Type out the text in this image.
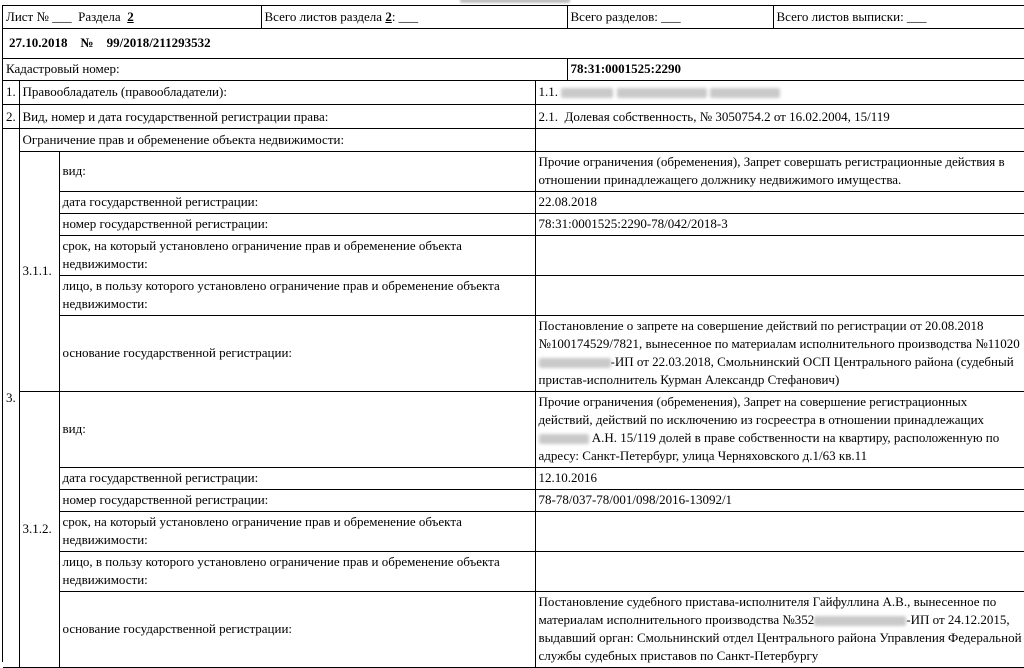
Лист № ___ Раздела 2	Всего листов раздела 2: ___	Всего разделов: ___	Всего листов выписки: ___
27.10.2018 № 99/2018/211293532
Кадастровый номер:	78:31:0001525:2290
1.	Правообладатель (правообладатели):	1.1.
2.	Вид, номер и дата государственной регистрации права:	2.1. Долевая собственность, № 3050754.2 от 16.02.2004, 15/119
3.	Ограничение прав и обременение объекта недвижимости:		
	3.1.1.	вид:	Прочие ограничения (обременения), Запрет совершать регистрационные действия в отношении принадлежащего должнику недвижимого имущества.
		дата государственной регистрации:	22.08.2018
		номер государственной регистрации:	78:31:0001525:2290-78/042/2018-3
		срок, на который установлено ограничение прав и обременение объекта недвижимости:	
		лицо, в пользу которого установлено ограничение прав и обременение объекта недвижимости:	
		основание государственной регистрации:	Постановление о запрете на совершение действий по регистрации от 20.08.2018 №100174529/7821, вынесенное по материалам исполнительного производства №11020-ИП от 22.03.2018, Смольнинский ОСП Центрального района (судебный пристав-исполнитель Курман Александр Стефанович)
	3.1.2.	вид:	Прочие ограничения (обременения), Запрет на совершение регистрационных действий, действий по исключению из госреестра в отношении принадлежащих  А.Н. 15/119 долей в праве собственности на квартиру, расположенную по адресу: Санкт-Петербург, улица Черняховского д.1/63 кв.11
		дата государственной регистрации:	12.10.2016
		номер государственной регистрации:	78-78/037-78/001/098/2016-13092/1
		срок, на который установлено ограничение прав и обременение объекта недвижимости:	
		лицо, в пользу которого установлено ограничение прав и обременение объекта недвижимости:	
		основание государственной регистрации:	Постановление судебного пристава-исполнителя Гайфуллина А.В., вынесенное по материалам исполнительного производства №352 -ИП от 24.12.2015, выдавший орган: Смольнинский отдел Центрального района Управления Федеральной службы судебных приставов по Санкт-Петербургу
